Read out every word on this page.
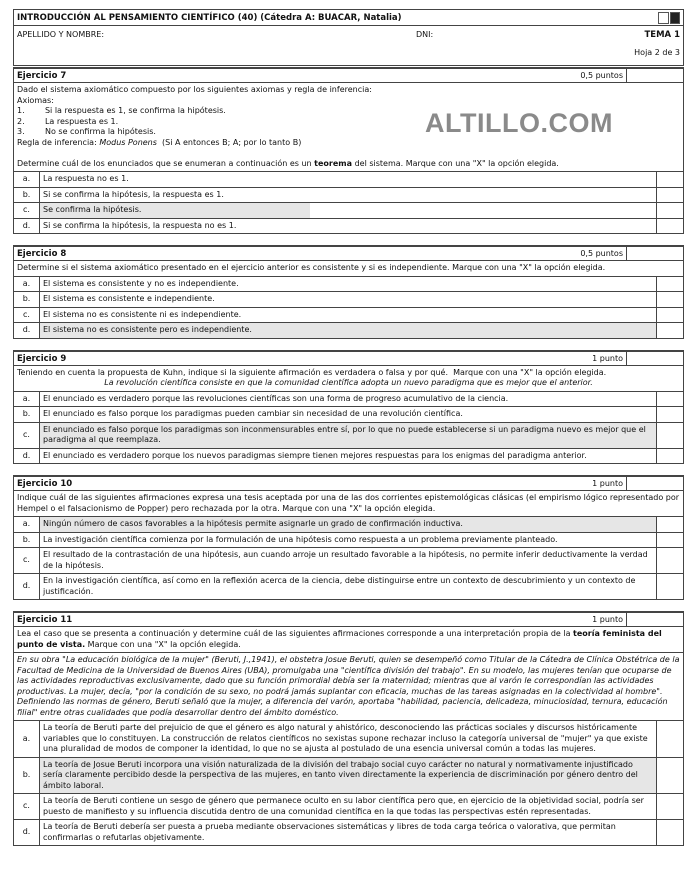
INTRODUCCIÓN AL PENSAMIENTO CIENTÍFICO (40) (Cátedra A: BUACAR, Natalia)
APELLIDO Y NOMBRE:	DNI:	TEMA 1
Hoja 2 de 3
ALTILLO.COM
Ejercicio 7	0,5 puntos
Dado el sistema axiomático compuesto por los siguientes axiomas y regla de inferencia:
Axiomas:
1.        Si la respuesta es 1, se confirma la hipótesis.
2.        La respuesta es 1.
3.        No se confirma la hipótesis.
Regla de inferencia: Modus Ponens  (Si A entonces B; A; por lo tanto B)

Determine cuál de los enunciados que se enumeran a continuación es un teorema del sistema. Marque con una "X" la opción elegida.
a.	La respuesta no es 1.
b.	Si se confirma la hipótesis, la respuesta es 1.
c.	Se confirma la hipótesis.
d.	Si se confirma la hipótesis, la respuesta no es 1.
Ejercicio 8	0,5 puntos
Determine si el sistema axiomático presentado en el ejercicio anterior es consistente y si es independiente. Marque con una "X" la opción elegida.
a.	El sistema es consistente y no es independiente.
b.	El sistema es consistente e independiente.
c.	El sistema no es consistente ni es independiente.
d.	El sistema no es consistente pero es independiente.
Ejercicio 9	1 punto
Teniendo en cuenta la propuesta de Kuhn, indique si la siguiente afirmación es verdadera o falsa y por qué.  Marque con una "X" la opción elegida.
La revolución científica consiste en que la comunidad científica adopta un nuevo paradigma que es mejor que el anterior.
a.	El enunciado es verdadero porque las revoluciones científicas son una forma de progreso acumulativo de la ciencia.
b.	El enunciado es falso porque los paradigmas pueden cambiar sin necesidad de una revolución científica.
c.
El enunciado es falso porque los paradigmas son inconmensurables entre sí, por lo que no puede establecerse si un paradigma nuevo es mejor que el paradigma al que reemplaza.
d.	El enunciado es verdadero porque los nuevos paradigmas siempre tienen mejores respuestas para los enigmas del paradigma anterior.
Ejercicio 10	1 punto
Indique cuál de las siguientes afirmaciones expresa una tesis aceptada por una de las dos corrientes epistemológicas clásicas (el empirismo lógico representado por Hempel o el falsacionismo de Popper) pero rechazada por la otra. Marque con una "X" la opción elegida.
a.	Ningún número de casos favorables a la hipótesis permite asignarle un grado de confirmación inductiva.
b.	La investigación científica comienza por la formulación de una hipótesis como respuesta a un problema previamente planteado.
c.
El resultado de la contrastación de una hipótesis, aun cuando arroje un resultado favorable a la hipótesis, no permite inferir deductivamente la verdad de la hipótesis.
d.
En la investigación científica, así como en la reflexión acerca de la ciencia, debe distinguirse entre un contexto de descubrimiento y un contexto de justificación.
Ejercicio 11	1 punto
Lea el caso que se presenta a continuación y determine cuál de las siguientes afirmaciones corresponde a una interpretación propia de la teoría feminista del punto de vista. Marque con una "X" la opción elegida.
En su obra "La educación biológica de la mujer" (Beruti, J.,1941), el obstetra Josue Beruti, quien se desempeñó como Titular de la Cátedra de Clínica Obstétrica de la Facultad de Medicina de la Universidad de Buenos Aires (UBA), promulgaba una "científica división del trabajo". En su modelo, las mujeres tenían que ocuparse de las actividades reproductivas exclusivamente, dado que su función primordial debía ser la maternidad; mientras que al varón le correspondían las actividades productivas. La mujer, decía, "por la condición de su sexo, no podrá jamás suplantar con eficacia, muchas de las tareas asignadas en la colectividad al hombre". Definiendo las normas de género, Beruti señaló que la mujer, a diferencia del varón, aportaba "habilidad, paciencia, delicadeza, minuciosidad, ternura, educación filial" entre otras cualidades que podía desarrollar dentro del ámbito doméstico.
a.
La teoría de Beruti parte del prejuicio de que el género es algo natural y ahistórico, desconociendo las prácticas sociales y discursos históricamente variables que lo constituyen. La construcción de relatos científicos no sexistas supone rechazar incluso la categoría universal de "mujer" ya que existe una pluralidad de modos de componer la identidad, lo que no se ajusta al postulado de una esencia universal común a todas las mujeres.
b.
La teoría de Josue Beruti incorpora una visión naturalizada de la división del trabajo social cuyo carácter no natural y normativamente injustificado sería claramente percibido desde la perspectiva de las mujeres, en tanto viven directamente la experiencia de discriminación por género dentro del ámbito laboral.
c.
La teoría de Beruti contiene un sesgo de género que permanece oculto en su labor científica pero que, en ejercicio de la objetividad social, podría ser puesto de manifiesto y su influencia discutida dentro de una comunidad científica en la que todas las perspectivas estén representadas.
d.
La teoría de Beruti debería ser puesta a prueba mediante observaciones sistemáticas y libres de toda carga teórica o valorativa, que permitan confirmarlas o refutarlas objetivamente.
